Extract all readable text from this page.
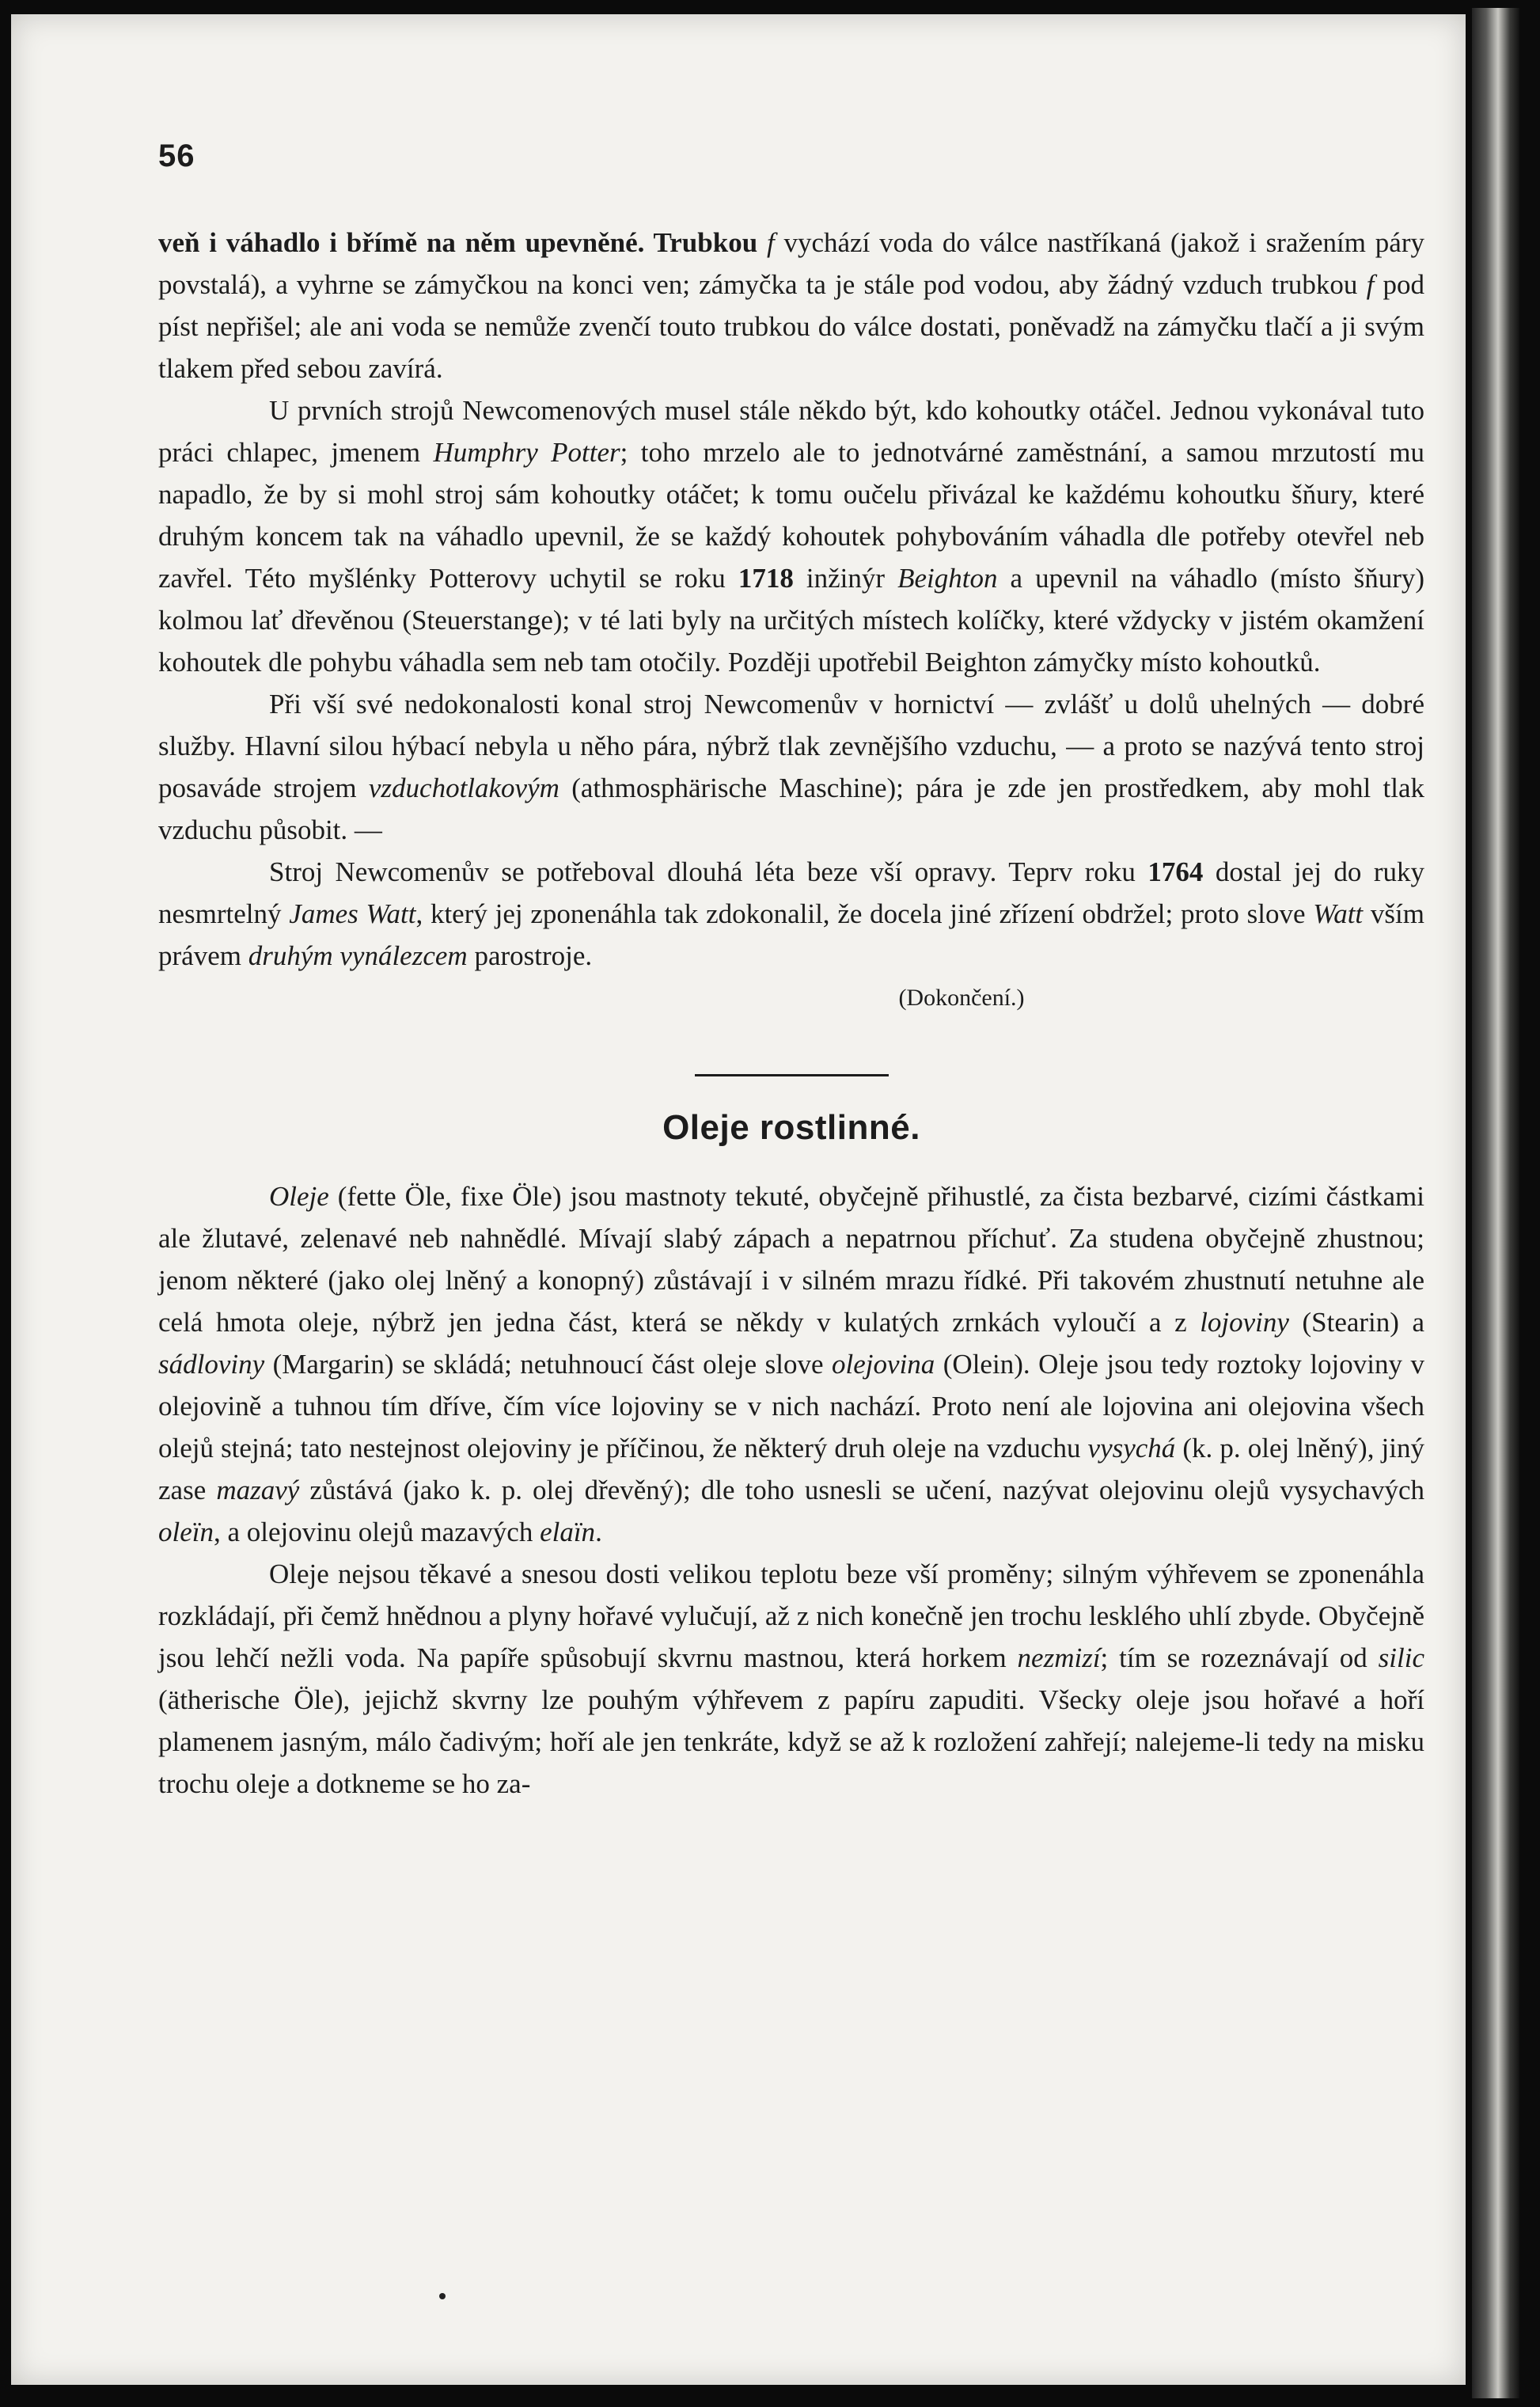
56

veň i váhadlo i břímě na něm upevněné. Trubkou f vychází voda do válce nastříkaná (jakož i sražením páry povstalá), a vyhrne se zámyčkou na konci ven; zámyčka ta je stále pod vodou, aby žádný vzduch trubkou f pod píst nepřišel; ale ani voda se nemůže zvenčí touto trubkou do válce dostati, poněvadž na zámyčku tlačí a ji svým tlakem před sebou zavírá.

U prvních strojů Newcomenových musel stále někdo být, kdo kohoutky otáčel. Jednou vykonával tuto práci chlapec, jmenem Humphry Potter; toho mrzelo ale to jednotvárné zaměstnání, a samou mrzutostí mu napadlo, že by si mohl stroj sám kohoutky otáčet; k tomu oučelu přivázal ke každému kohoutku šňury, které druhým koncem tak na váhadlo upevnil, že se každý kohoutek pohybováním váhadla dle potřeby otevřel neb zavřel. Této myšlénky Potterovy uchytil se roku 1718 inžinýr Beighton a upevnil na váhadlo (místo šňury) kolmou lať dřevěnou (Steuerstange); v té lati byly na určitých místech kolíčky, které vždycky v jistém okamžení kohoutek dle pohybu váhadla sem neb tam otočily. Později upotřebil Beighton zámyčky místo kohoutků.

Při vší své nedokonalosti konal stroj Newcomenův v hornictví — zvlášť u dolů uhelných — dobré služby. Hlavní silou hýbací nebyla u něho pára, nýbrž tlak zevnějšího vzduchu, — a proto se nazývá tento stroj posaváde strojem vzduchotlakovým (athmosphärische Maschine); pára je zde jen prostředkem, aby mohl tlak vzduchu působit. —

Stroj Newcomenův se potřeboval dlouhá léta beze vší opravy. Teprv roku 1764 dostal jej do ruky nesmrtelný James Watt, který jej zponenáhla tak zdokonalil, že docela jiné zřízení obdržel; proto slove Watt vším právem druhým vynálezcem parostroje.

(Dokončení.)

Oleje rostlinné.

Oleje (fette Öle, fixe Öle) jsou mastnoty tekuté, obyčejně přihustlé, za čista bezbarvé, cizími částkami ale žlutavé, zelenavé neb nahnědlé. Mívají slabý zápach a nepatrnou příchuť. Za studena obyčejně zhustnou; jenom některé (jako olej lněný a konopný) zůstávají i v silném mrazu řídké. Při takovém zhustnutí netuhne ale celá hmota oleje, nýbrž jen jedna část, která se někdy v kulatých zrnkách vyloučí a z lojoviny (Stearin) a sádloviny (Margarin) se skládá; netuhnoucí část oleje slove olejovina (Olein). Oleje jsou tedy roztoky lojoviny v olejovině a tuhnou tím dříve, čím více lojoviny se v nich nachází. Proto není ale lojovina ani olejovina všech olejů stejná; tato nestejnost olejoviny je příčinou, že některý druh oleje na vzduchu vysychá (k. p. olej lněný), jiný zase mazavý zůstává (jako k. p. olej dřevěný); dle toho usnesli se učení, nazývat olejovinu olejů vysychavých oleïn, a olejovinu olejů mazavých elaïn.

Oleje nejsou těkavé a snesou dosti velikou teplotu beze vší proměny; silným výhřevem se zponenáhla rozkládají, při čemž hnědnou a plyny hořavé vylučují, až z nich konečně jen trochu lesklého uhlí zbyde. Obyčejně jsou lehčí nežli voda. Na papíře spůsobují skvrnu mastnou, která horkem nezmizí; tím se rozeznávají od silic (ätherische Öle), jejichž skvrny lze pouhým výhřevem z papíru zapuditi. Všecky oleje jsou hořavé a hoří plamenem jasným, málo čadivým; hoří ale jen tenkráte, když se až k rozložení zahřejí; nalejeme-li tedy na misku trochu oleje a dotkneme se ho za-
